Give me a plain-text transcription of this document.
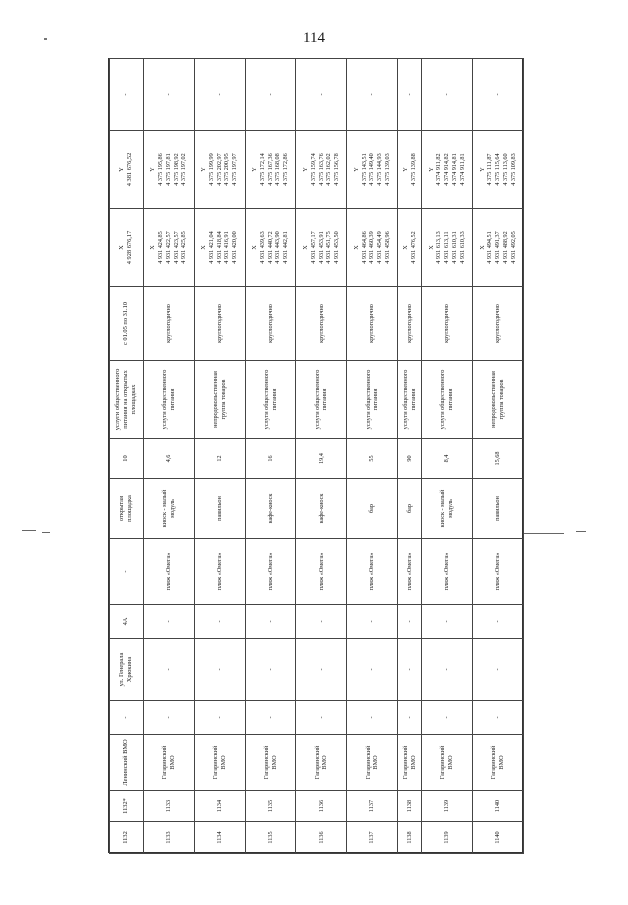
114
1132	1132*	Ленинский ВМО	-	ул. Генерала Хрюкина	4А	-	открытая площадка	10	услуги общественного питания на открытых площадках	с 01.05 по 31.10	X
4 928 676,17	Y
4 381 676,52	-
1133	1133	Гагаринский ВМО	-	-	-	пляж «Омега»	киоск - малый модуль	4,6	услуги общественного питания	круглогодично	X
4 931 424,85
4 931 422,57
4 931 423,57
4 931 425,85	Y
4 375 195,86
4 375 197,81
4 375 198,92
4 375 197,02	-
1134	1134	Гагаринский ВМО	-	-	-	пляж «Омега»	павильон	12	непродовольственная группа товаров	круглогодично	X
4 931 421,04
4 931 418,84
4 931 416,91
4 931 420,00	Y
4 375 199,99
4 375 202,97
4 375 200,95
4 375 197,97	-
1135	1135	Гагаринский ВМО	-	-	-	пляж «Омега»	кафе-киоск	16	услуги общественного питания	круглогодично	X
4 931 439,63
4 931 440,72
4 931 443,90
4 931 442,81	Y
4 375 172,14
4 375 167,36
4 375 168,08
4 375 172,86	-
1136	1136	Гагаринский ВМО	-	-	-	пляж «Омега»	кафе-киоск	19,4	услуги общественного питания	круглогодично	X
4 931 457,17
4 931 453,91
4 931 451,75
4 931 453,50	Y
4 375 159,74
4 375 163,76
4 375 162,02
4 375 156,78	-
1137	1137	Гагаринский ВМО	-	-	-	пляж «Омега»	бар	55	услуги общественного питания	круглогодично	X
4 931 464,86
4 931 460,39
4 931 454,49
4 931 458,96	Y
4 375 143,51
4 375 149,40
4 375 144,93
4 375 139,03	-
1138	1138	Гагаринский ВМО	-	-	-	пляж «Омега»	бар	90	услуги общественного питания	круглогодично	X
4 931 476,52	Y
4 375 139,88	-
1139	1139	Гагаринский ВМО	-	-	-	пляж «Омега»	киоск - малый модуль	8,4	услуги общественного питания	круглогодично	X
4 931 613,13
4 931 613,11
4 931 610,31
4 931 610,33	Y
4 374 911,82
4 374 914,82
4 374 914,81
4 374 911,81	-
1140	1140	Гагаринский ВМО	-	-	-	пляж «Омега»	павильон	15,68	непродовольственная группа товаров	круглогодично	X
4 931 494,51
4 931 491,37
4 931 488,92
4 931 492,05	Y
4 375 111,87
4 375 115,64
4 375 113,60
4 375 109,83	-
